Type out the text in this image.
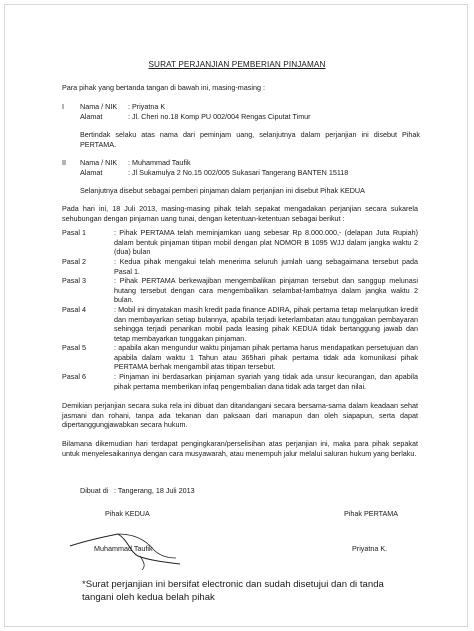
SURAT PERJANJIAN PEMBERIAN PINJAMAN
Para pihak yang bertanda tangan di bawah ini, masing-masing :
I Nama / NIK : Priyatna K
Alamat	: Jl. Cheri no.18 Komp PU 002/004 Rengas Ciputat Timur
Bertindak selaku atas nama dari peminjam uang, selanjutnya dalam perjanjian ini disebut Pihak PERTAMA.
II Nama / NIK : Muhammad Taufik
Alamat	: Jl Sukamulya 2 No.15 002/005 Sukasari Tangerang BANTEN 15118
Selanjutnya disebut sebagai pemberi pinjaman dalam perjanjian ini disebut Pihak KEDUA
Pada hari ini, 18 Juli 2013, masing-masing pihak telah sepakat mengadakan perjanjian secara sukarela sehubungan dengan pinjaman uang tunai, dengan ketentuan-ketentuan sebagai berikut :
Pasal 1	: Pihak PERTAMA telah meminjamkan uang sebesar Rp 8.000.000,- (delapan Juta Rupiah) dalam bentuk pinjaman titipan mobil dengan plat NOMOR B 1095 WJJ dalam jangka waktu 2 (dua) bulan
Pasal 2	: Kedua pihak mengakui telah menerima seluruh jumlah uang sebagaimana tersebut pada Pasal 1.
Pasal 3	: Pihak PERTAMA berkewajiban mengembalikan pinjaman tersebut dan sanggup melunasi hutang tersebut dengan cara mengembalikan selambat-lambatnya dalam jangka waktu 2 bulan.
Pasal 4	: Mobil ini dinyatakan masih kredit pada finance ADIRA, pihak pertama tetap melanjutkan kredit dan membayarkan setiap bulannya, apabila terjadi keterlambatan atau tunggakan pembayaran sehingga terjadi penarikan mobil pada leasing pihak KEDUA tidak bertanggung jawab dan tetap membayarkan tunggakan pinjaman.
Pasal 5	: apabila akan mengundur waktu pinjaman pihak pertama harus mendapatkan persetujuan dan apabila dalam waktu 1 Tahun atau 365hari pihak pertama tidak ada komunikasi pihak PERTAMA berhak mengambil atas titipan tersebut.
Pasal 6	: Pinjaman ini berdasarkan pinjaman syariah yang tidak ada unsur kecurangan, dan apabila pihak pertama memberikan infaq pengembalian dana tidak ada target dan nilai.
Demikian perjanjian secara suka rela ini dibuat dan ditandangani secara bersama-sama dalam keadaan sehat jasmani dan rohani, tanpa ada tekanan dan paksaan dari manapun dan oleh siapapun, serta dapat dipertanggungjawabkan secara hukum.
Bilamana dikemudian hari terdapat pengingkaran/perselisihan atas perjanjian ini, maka para pihak sepakat untuk menyelesaikannya dengan cara musyawarah, atau menempuh jalur melalui saluran hukum yang berlaku.
Dibuat di : Tangerang, 18 Juli 2013
Pihak KEDUA	Pihak PERTAMA
Muhammad Taufik	Priyatna K.
*Surat perjanjian ini bersifat electronic dan sudah disetujui dan di tanda tangani oleh kedua belah pihak
